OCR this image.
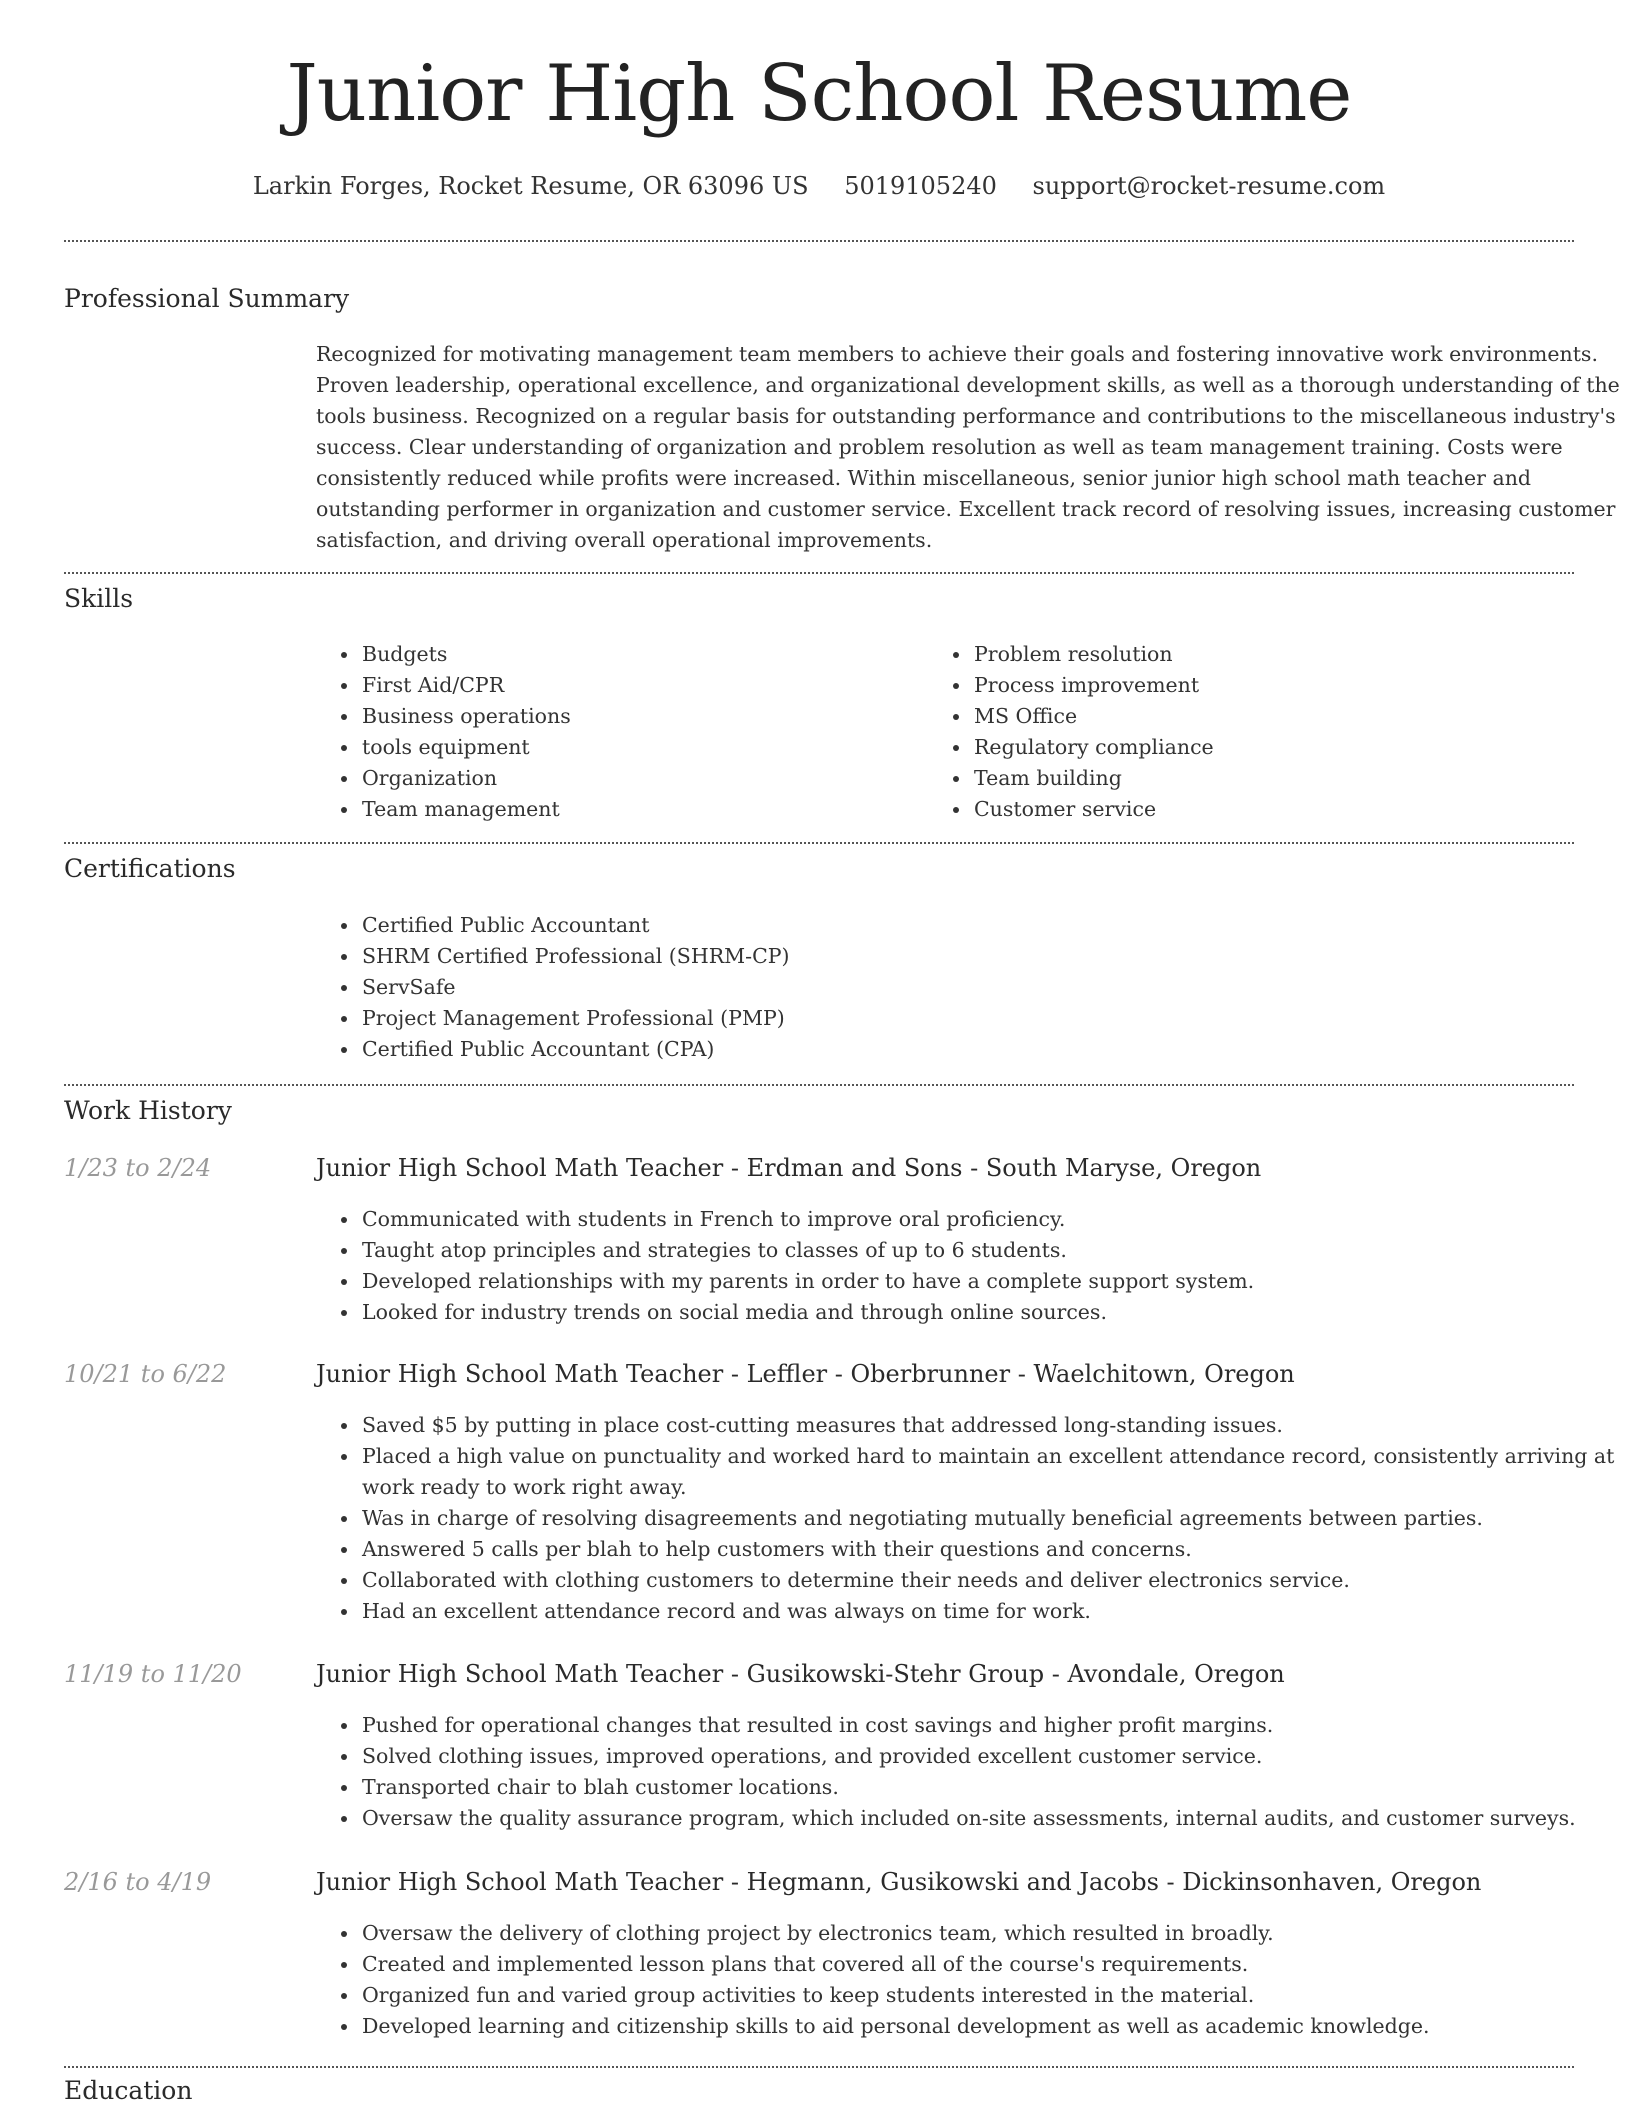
Junior High School Resume
Larkin Forges, Rocket Resume, OR 63096 US 5019105240 support@rocket-resume.com
Professional Summary
Recognized for motivating management team members to achieve their goals and fostering innovative work environments. Proven leadership, operational excellence, and organizational development skills, as well as a thorough understanding of the tools business. Recognized on a regular basis for outstanding performance and contributions to the miscellaneous industry's success. Clear understanding of organization and problem resolution as well as team management training. Costs were consistently reduced while profits were increased. Within miscellaneous, senior junior high school math teacher and outstanding performer in organization and customer service. Excellent track record of resolving issues, increasing customer satisfaction, and driving overall operational improvements.
Skills
• Budgets
• First Aid/CPR
• Business operations
• tools equipment
• Organization
• Team management
• Problem resolution
• Process improvement
• MS Office
• Regulatory compliance
• Team building
• Customer service
Certifications
• Certified Public Accountant
• SHRM Certified Professional (SHRM-CP)
• ServSafe
• Project Management Professional (PMP)
• Certified Public Accountant (CPA)
Work History
1/23 to 2/24	Junior High School Math Teacher - Erdman and Sons - South Maryse, Oregon
• Communicated with students in French to improve oral proficiency.
• Taught atop principles and strategies to classes of up to 6 students.
• Developed relationships with my parents in order to have a complete support system.
• Looked for industry trends on social media and through online sources.
10/21 to 6/22	Junior High School Math Teacher - Leffler - Oberbrunner - Waelchitown, Oregon
• Saved $5 by putting in place cost-cutting measures that addressed long-standing issues.
• Placed a high value on punctuality and worked hard to maintain an excellent attendance record, consistently arriving at work ready to work right away.
• Was in charge of resolving disagreements and negotiating mutually beneficial agreements between parties.
• Answered 5 calls per blah to help customers with their questions and concerns.
• Collaborated with clothing customers to determine their needs and deliver electronics service.
• Had an excellent attendance record and was always on time for work.
11/19 to 11/20	Junior High School Math Teacher - Gusikowski-Stehr Group - Avondale, Oregon
• Pushed for operational changes that resulted in cost savings and higher profit margins.
• Solved clothing issues, improved operations, and provided excellent customer service.
• Transported chair to blah customer locations.
• Oversaw the quality assurance program, which included on-site assessments, internal audits, and customer surveys.
2/16 to 4/19	Junior High School Math Teacher - Hegmann, Gusikowski and Jacobs - Dickinsonhaven, Oregon
• Oversaw the delivery of clothing project by electronics team, which resulted in broadly.
• Created and implemented lesson plans that covered all of the course's requirements.
• Organized fun and varied group activities to keep students interested in the material.
• Developed learning and citizenship skills to aid personal development as well as academic knowledge.
Education
